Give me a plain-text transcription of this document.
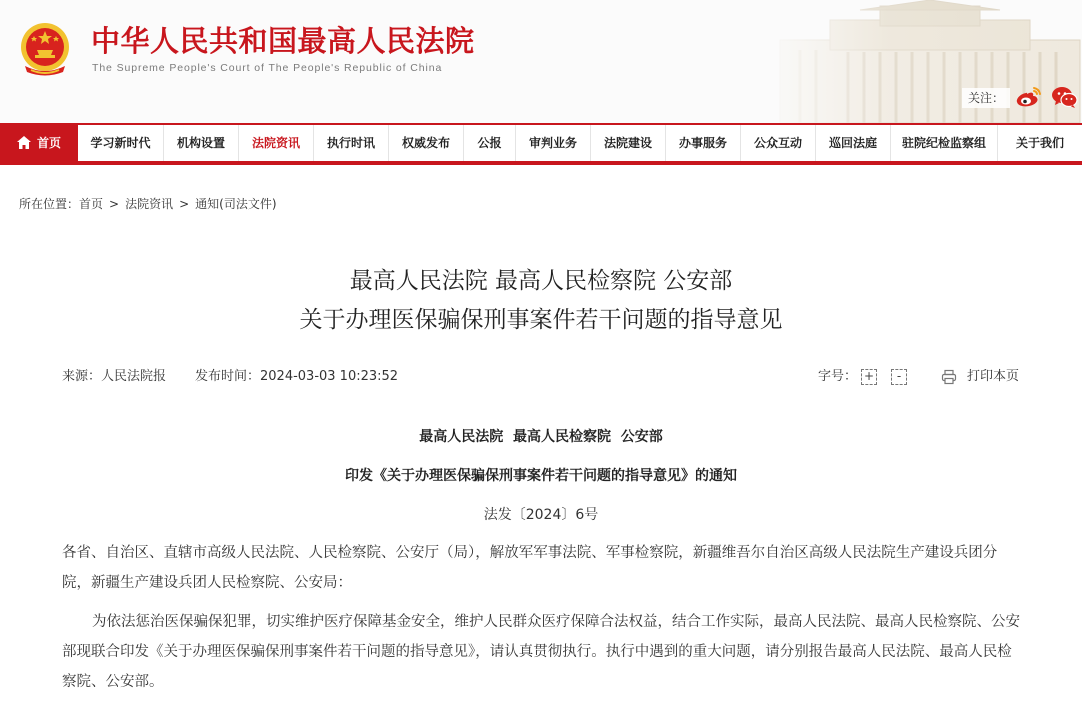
中华人民共和国最高人民法院
The Supreme People's Court of The People's Republic of China
关注：
首页	学习新时代	机构设置	法院资讯	执行时讯	权威发布	公报	审判业务	法院建设	办事服务	公众互动	巡回法庭	驻院纪检监察组	关于我们
所在位置：首页 > 法院资讯 > 通知(司法文件)
最高人民法院 最高人民检察院 公安部
关于办理医保骗保刑事案件若干问题的指导意见
来源：人民法院报 发布时间：2024-03-03 10:23:52	字号： +	-	打印本页
最高人民法院  最高人民检察院  公安部
印发《关于办理医保骗保刑事案件若干问题的指导意见》的通知
法发〔2024〕6号
各省、自治区、直辖市高级人民法院、人民检察院、公安厅（局），解放军军事法院、军事检察院，新疆维吾尔自治区高级人民法院生产建设兵团分院，新疆生产建设兵团人民检察院、公安局：
为依法惩治医保骗保犯罪，切实维护医疗保障基金安全，维护人民群众医疗保障合法权益，结合工作实际，最高人民法院、最高人民检察院、公安部现联合印发《关于办理医保骗保刑事案件若干问题的指导意见》，请认真贯彻执行。执行中遇到的重大问题，请分别报告最高人民法院、最高人民检察院、公安部。
